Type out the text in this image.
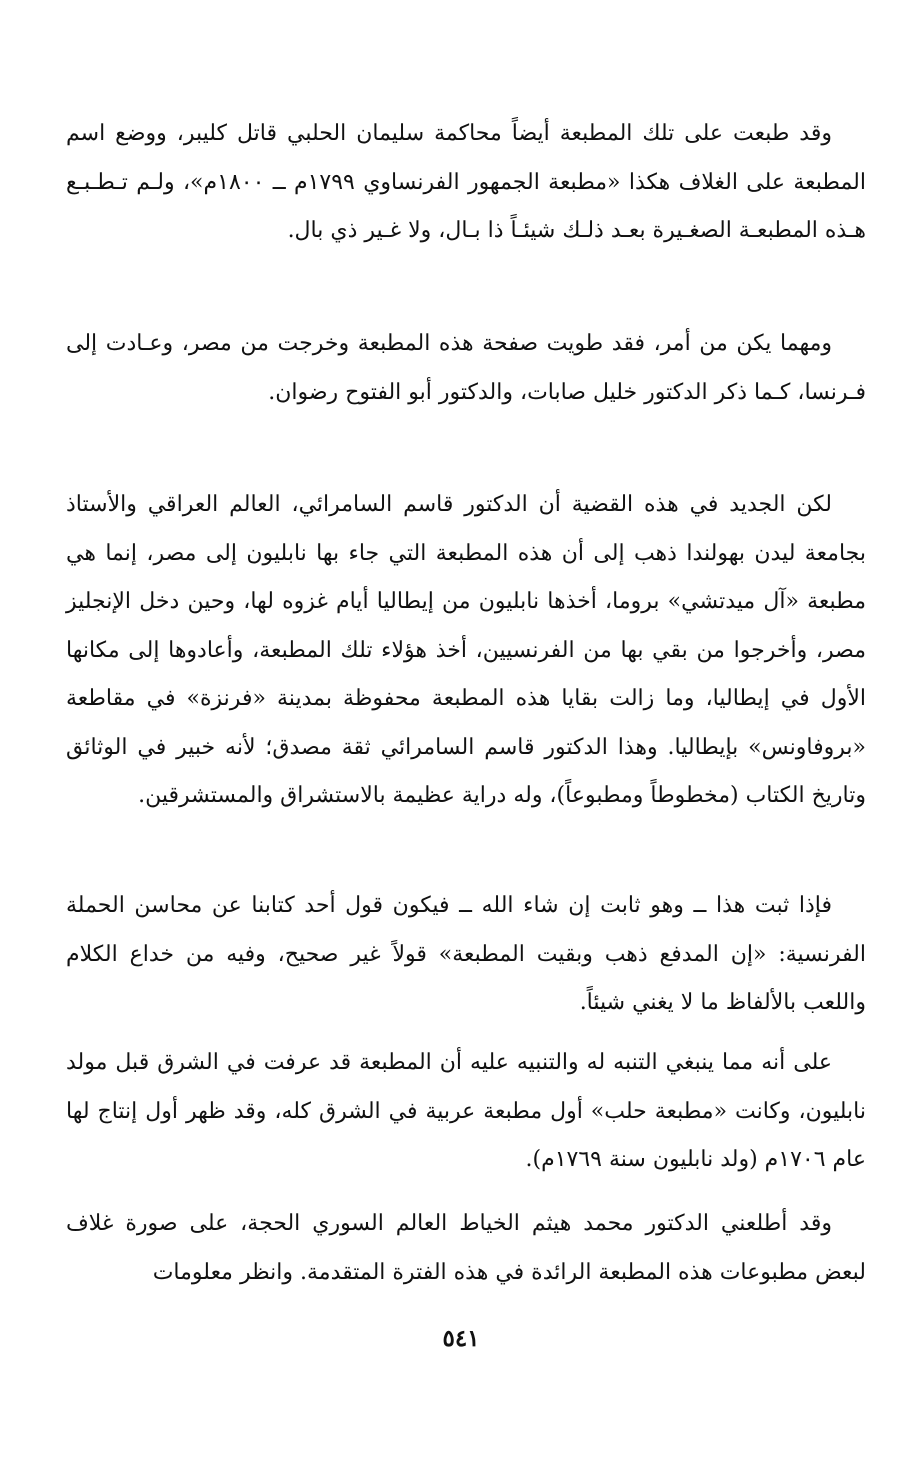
وقد طبعت على تلك المطبعة أيضاً محاكمة سليمان الحلبي قاتل كليبر، ووضع اسم المطبعة على الغلاف هكذا «مطبعة الجمهور الفرنساوي ١٧٩٩م ــ ١٨٠٠م»، ولـم تـطـبـع هـذه المطبعـة الصغـيرة بعـد ذلـك شيئـاً ذا بـال، ولا غـير ذي بال.

ومهما يكن من أمر، فقد طويت صفحة هذه المطبعة وخرجت من مصر، وعـادت إلى فـرنسا، كـما ذكر الدكتور خليل صابات، والدكتور أبو الفتوح رضوان.

لكن الجديد في هذه القضية أن الدكتور قاسم السامرائي، العالم العراقي والأستاذ بجامعة ليدن بهولندا ذهب إلى أن هذه المطبعة التي جاء بها نابليون إلى مصر، إنما هي مطبعة «آل ميدتشي» بروما، أخذها نابليون من إيطاليا أيام غزوه لها، وحين دخل الإنجليز مصر، وأخرجوا من بقي بها من الفرنسيين، أخذ هؤلاء تلك المطبعة، وأعادوها إلى مكانها الأول في إيطاليا، وما زالت بقايا هذه المطبعة محفوظة بمدينة «فرنزة» في مقاطعة «بروفاونس» بإيطاليا. وهذا الدكتور قاسم السامرائي ثقة مصدق؛ لأنه خبير في الوثائق وتاريخ الكتاب (مخطوطاً ومطبوعاً)، وله دراية عظيمة بالاستشراق والمستشرقين.

فإذا ثبت هذا ــ وهو ثابت إن شاء الله ــ فيكون قول أحد كتابنا عن محاسن الحملة الفرنسية: «إن المدفع ذهب وبقيت المطبعة» قولاً غير صحيح، وفيه من خداع الكلام واللعب بالألفاظ ما لا يغني شيئاً.

على أنه مما ينبغي التنبه له والتنبيه عليه أن المطبعة قد عرفت في الشرق قبل مولد نابليون، وكانت «مطبعة حلب» أول مطبعة عربية في الشرق كله، وقد ظهر أول إنتاج لها عام ١٧٠٦م (ولد نابليون سنة ١٧٦٩م).

وقد أطلعني الدكتور محمد هيثم الخياط العالم السوري الحجة، على صورة غلاف لبعض مطبوعات هذه المطبعة الرائدة في هذه الفترة المتقدمة. وانظر معلومات

٥٤١
